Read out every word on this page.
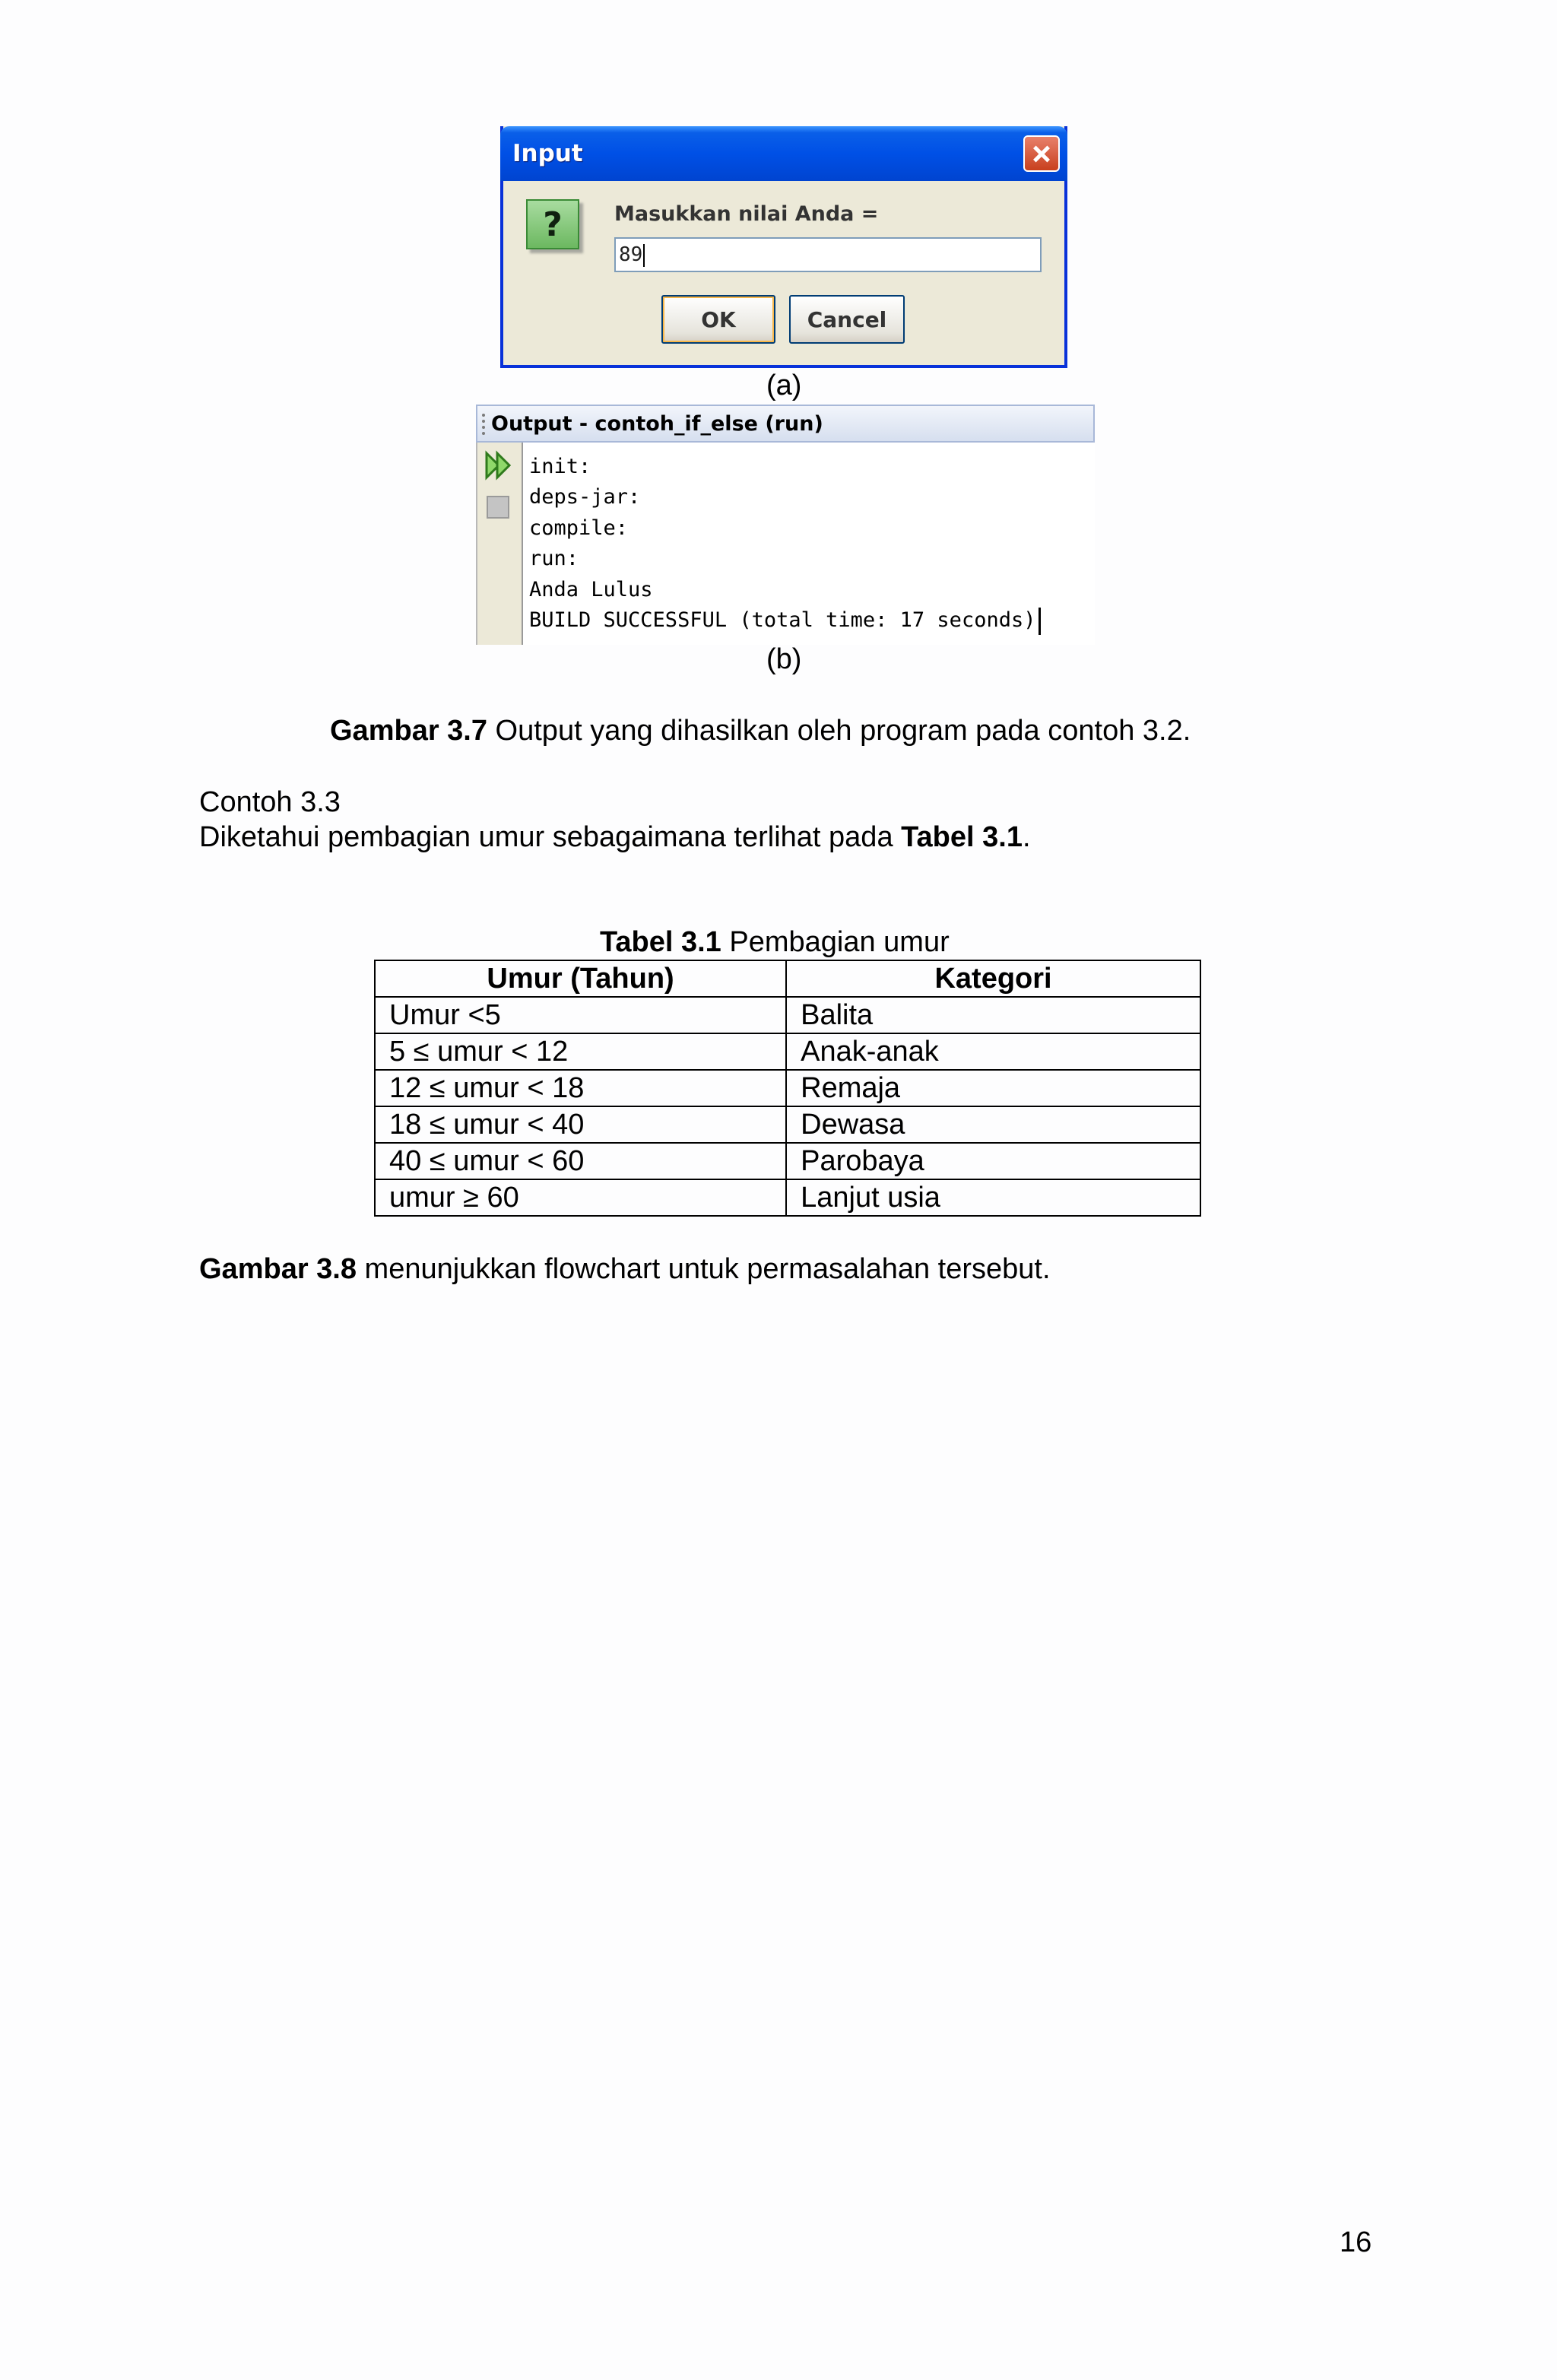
Input
?	Masukkan nilai Anda =
89
OK	Cancel
(a)
Output - contoh_if_else (run)
init:
deps-jar:
compile:
run:
Anda Lulus
BUILD SUCCESSFUL (total time: 17 seconds)
(b)
Gambar 3.7 Output yang dihasilkan oleh program pada contoh 3.2.
Contoh 3.3
Diketahui pembagian umur sebagaimana terlihat pada Tabel 3.1.
Tabel 3.1 Pembagian umur
Umur (Tahun)	Kategori
Umur <5	Balita
5 ≤ umur < 12	Anak-anak
12 ≤ umur < 18	Remaja
18 ≤ umur < 40	Dewasa
40 ≤ umur < 60	Parobaya
umur ≥ 60	Lanjut usia
Gambar 3.8 menunjukkan flowchart untuk permasalahan tersebut.
16
